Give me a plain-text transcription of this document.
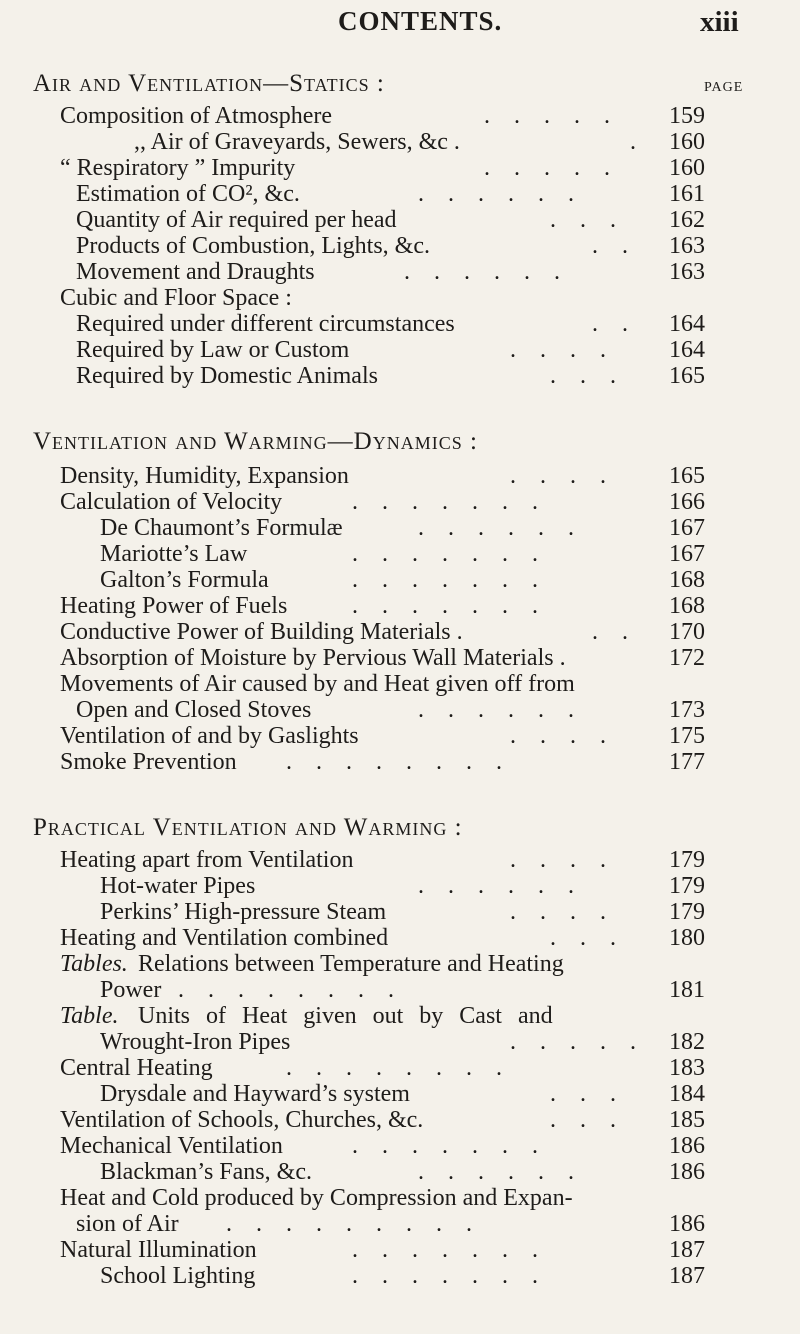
CONTENTS.	xiii
Air and Ventilation—Statics :	PAGE
Composition of Atmosphere	. . . . .	159
,, Air of Graveyards, Sewers, &c .	.	160
“ Respiratory ” Impurity	. . . . .	160
Estimation of CO², &c.	. . . . . .	161
Quantity of Air required per head	. . .	162
Products of Combustion, Lights, &c.	. .	163
Movement and Draughts	. . . . . .	163
Cubic and Floor Space :
Required under different circumstances	. .	164
Required by Law or Custom	. . . .	164
Required by Domestic Animals	. . .	165
Ventilation and Warming—Dynamics :
Density, Humidity, Expansion	. . . .	165
Calculation of Velocity	. . . . . . .	166
De Chaumont’s Formulæ	. . . . . .	167
Mariotte’s Law	. . . . . . .	167
Galton’s Formula	. . . . . . .	168
Heating Power of Fuels	. . . . . . .	168
Conductive Power of Building Materials .	. .	170
Absorption of Moisture by Pervious Wall Materials .	172
Movements of Air caused by and Heat given off from
Open and Closed Stoves	. . . . . .	173
Ventilation of and by Gaslights	. . . .	175
Smoke Prevention . . . . . . . .	177
Practical Ventilation and Warming :
Heating apart from Ventilation	. . . .	179
Hot-water Pipes	. . . . . .	179
Perkins’ High-pressure Steam	. . . .	179
Heating and Ventilation combined	. . .	180
Tables. Relations between Temperature and Heating
Power . . . . . . . .	181
Table. Units of Heat given out by Cast and
Wrought-Iron Pipes	. . . . .	182
Central Heating	. . . . . . . .	183
Drysdale and Hayward’s system	. . .	184
Ventilation of Schools, Churches, &c.	. . .	185
Mechanical Ventilation	. . . . . . .	186
Blackman’s Fans, &c.	. . . . . .	186
Heat and Cold produced by Compression and Expan-
sion of Air . . . . . . . . .	186
Natural Illumination	. . . . . . .	187
School Lighting	. . . . . . .	187
